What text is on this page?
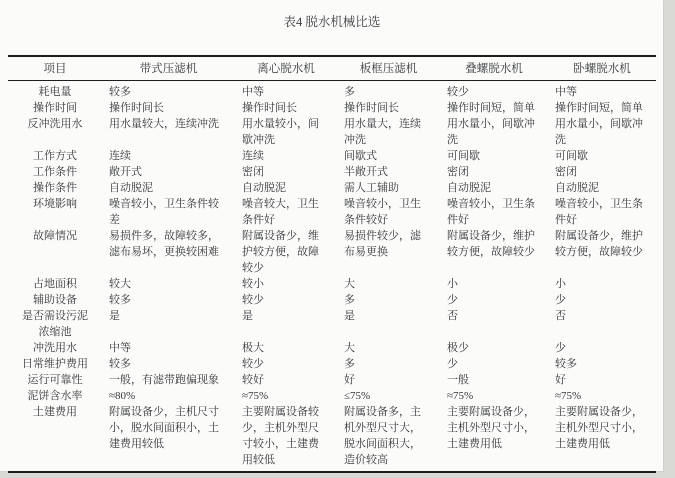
表4 脱水机械比选
项目	带式压滤机	离心脱水机	板框压滤机	叠螺脱水机	卧螺脱水机
耗电量	较多	中等	多	较少	中等
操作时间	操作时间长	操作时间长	操作时间长	操作时间短，简单	操作时间短，简单
反冲洗用水	用水量较大，连续冲洗	用水量较小，间歇冲洗	用水量大，连续冲洗	用水量小，间歇冲洗	用水量小，间歇冲洗
工作方式	连续	连续	间歇式	可间歇	可间歇
工作条件	敞开式	密闭	半敞开式	密闭	密闭
操作条件	自动脱泥	自动脱泥	需人工辅助	自动脱泥	自动脱泥
环境影响	噪音较小，卫生条件较差	噪音较大，卫生条件好	噪音较小，卫生条件较好	噪音较小，卫生条件好	噪音较小，卫生条件好
故障情况	易损件多，故障较多，滤布易坏，更换较困难	附属设备少，维护较方便，故障较少	易损件较少，滤布易更换	附属设备少，维护较方便，故障较少	附属设备少，维护较方便，故障较少
占地面积	较大	较小	大	小	小
辅助设备	较多	较少	多	少	少
是否需设污泥浓缩池	是	是	是	否	否
冲洗用水	中等	极大	大	极少	少
日常维护费用	较多	较少	多	少	较多
运行可靠性	一般，有滤带跑偏现象	较好	好	一般	好
泥饼含水率	≈80%	≈75%	≤75%	≈75%	≈75%
土建费用	附属设备少，主机尺寸小，脱水间面积小，土建费用较低	主要附属设备较少，主机外型尺寸较小，土建费用较低	附属设备多，主机外型尺寸大，脱水间面积大，造价较高	主要附属设备少，主机外型尺寸小，土建费用低	主要附属设备少，主机外型尺寸小，土建费用低
